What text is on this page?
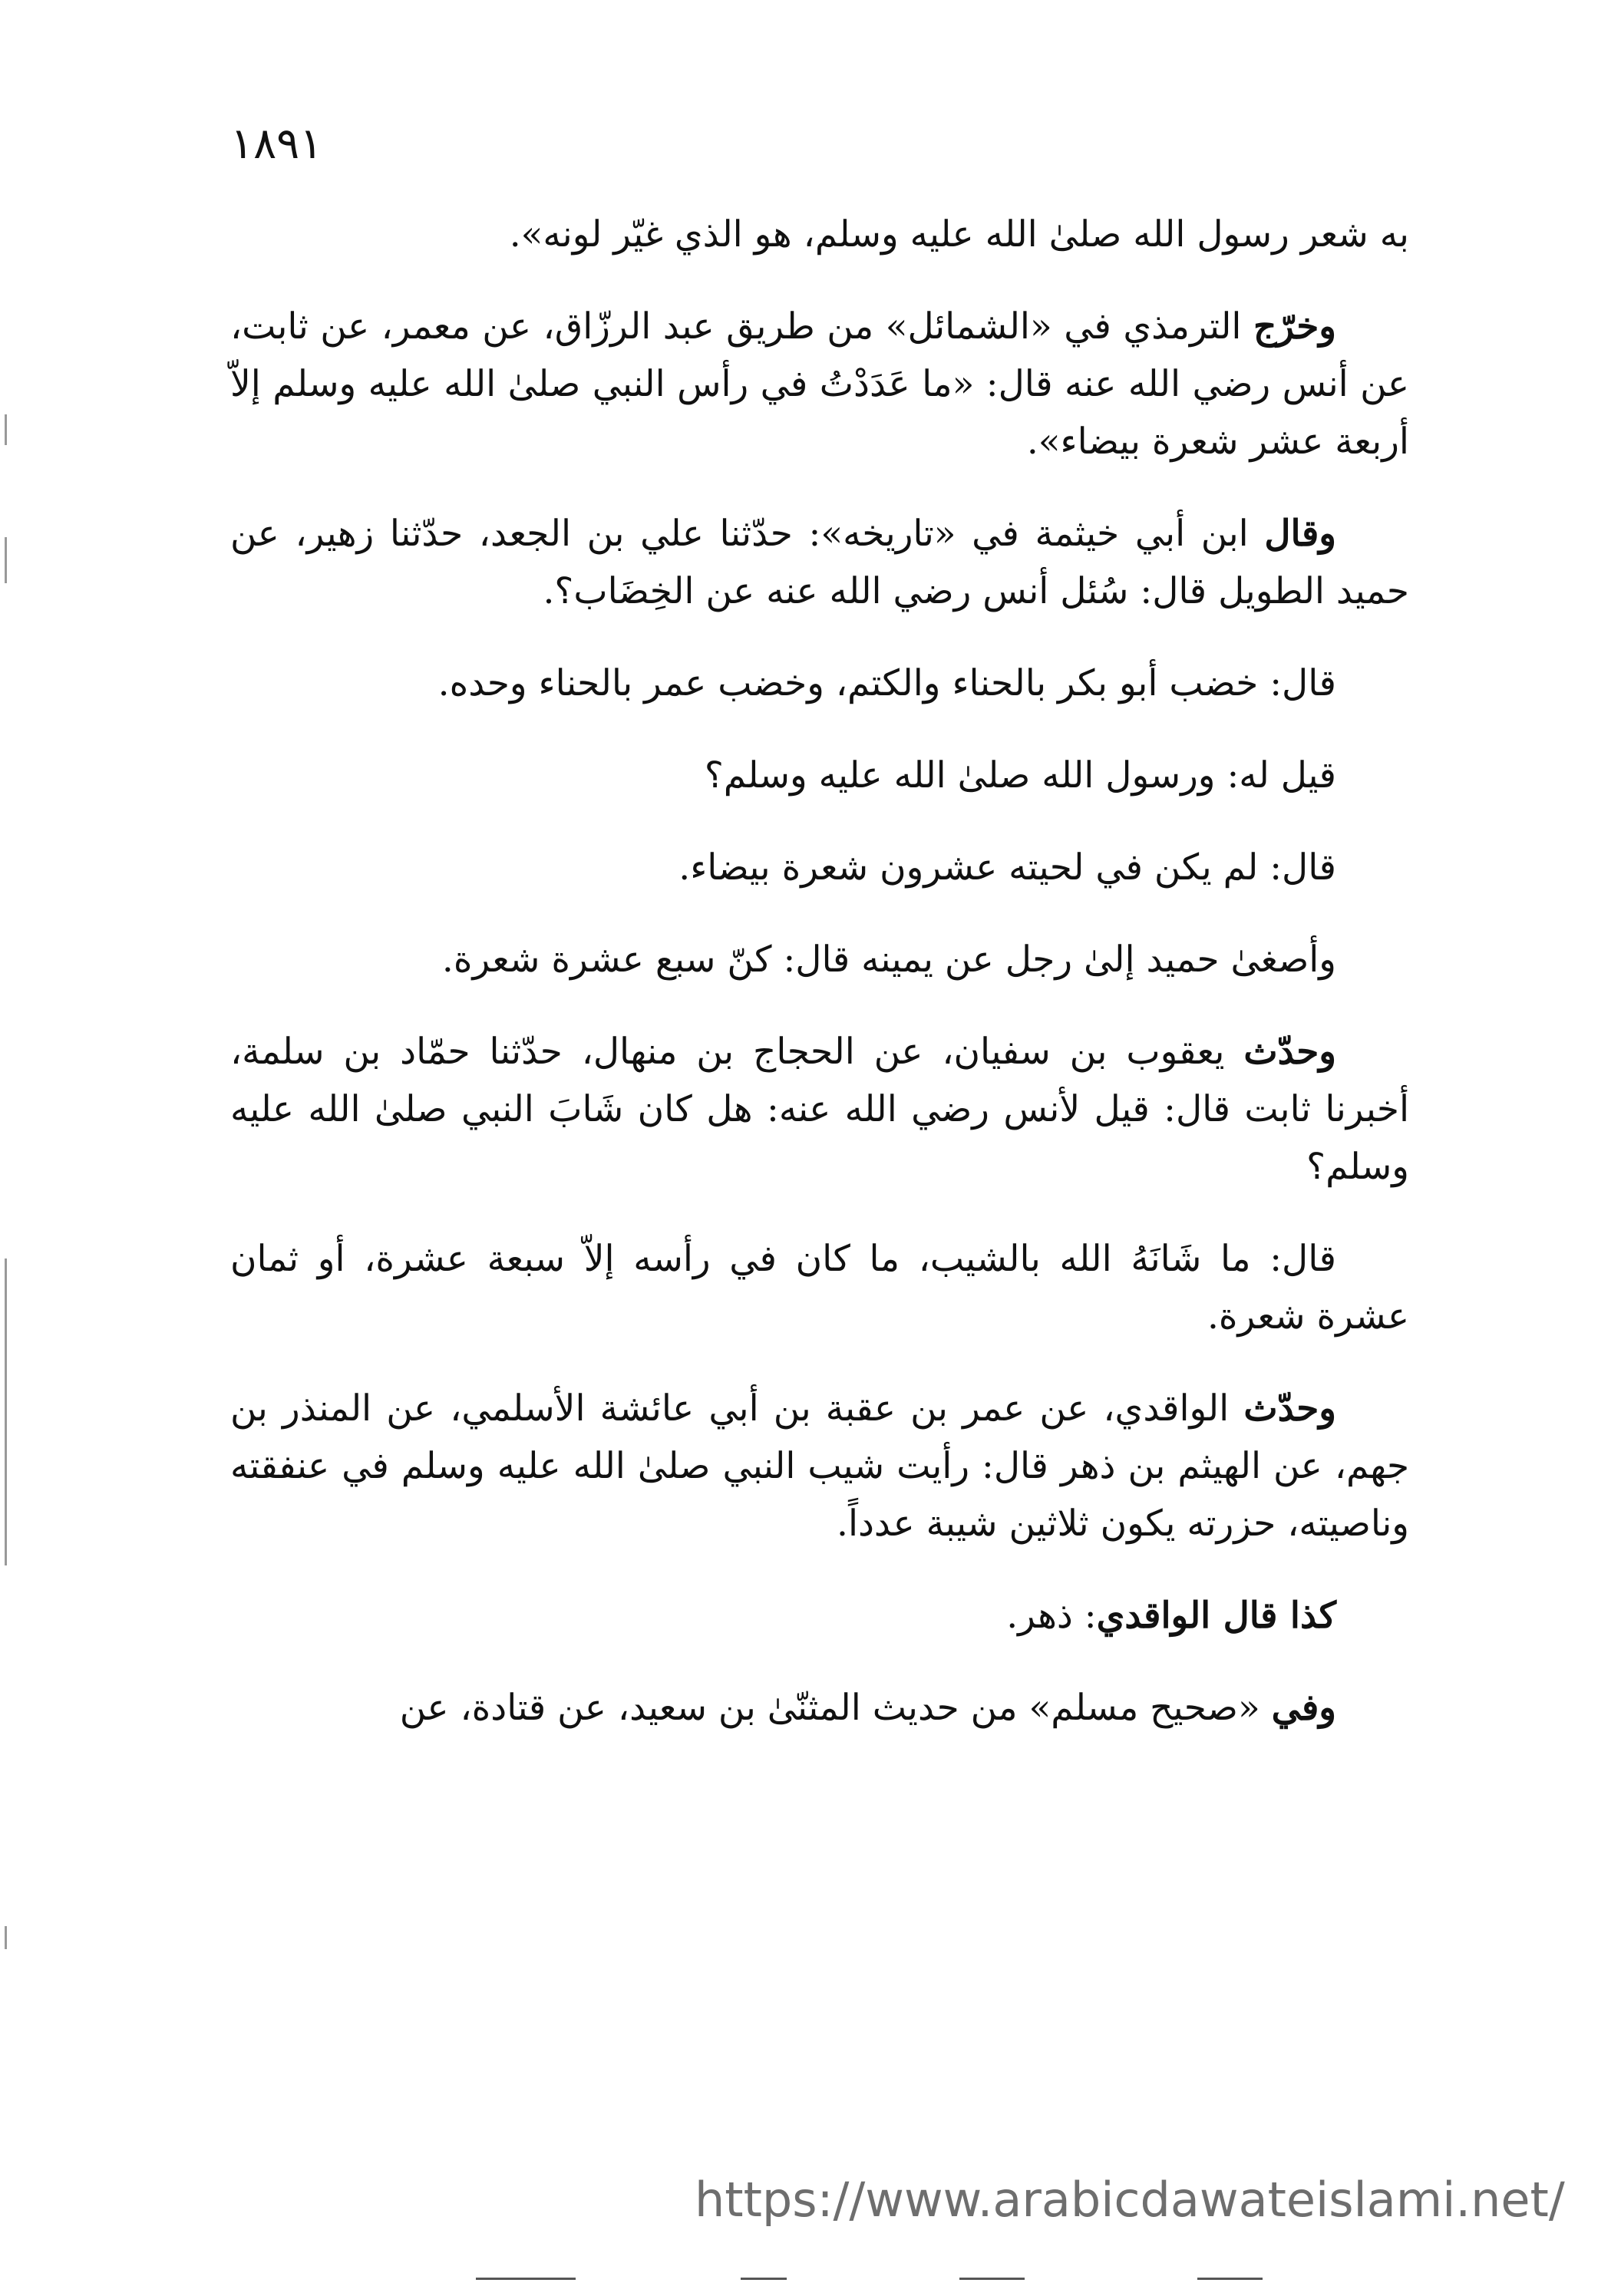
١٨٩١

به شعر رسول الله صلىٰ الله عليه وسلم، هو الذي غيّر لونه».

وخرّج الترمذي في «الشمائل» من طريق عبد الرزّاق، عن معمر، عن ثابت، عن أنس رضي الله عنه قال: «ما عَدَدْتُ في رأس النبي صلىٰ الله عليه وسلم إلاّ أربعة عشر شعرة بيضاء».

وقال ابن أبي خيثمة في «تاريخه»: حدّثنا علي بن الجعد، حدّثنا زهير، عن حميد الطويل قال: سُئل أنس رضي الله عنه عن الخِضَاب؟.

قال: خضب أبو بكر بالحناء والكتم، وخضب عمر بالحناء وحده.

قيل له: ورسول الله صلىٰ الله عليه وسلم؟

قال: لم يكن في لحيته عشرون شعرة بيضاء.

وأصغىٰ حميد إلىٰ رجل عن يمينه قال: كنّ سبع عشرة شعرة.

وحدّث يعقوب بن سفيان، عن الحجاج بن منهال، حدّثنا حمّاد بن سلمة، أخبرنا ثابت قال: قيل لأنس رضي الله عنه: هل كان شَابَ النبي صلىٰ الله عليه وسلم؟

قال: ما شَانَهُ الله بالشيب، ما كان في رأسه إلاّ سبعة عشرة، أو ثمان عشرة شعرة.

وحدّث الواقدي، عن عمر بن عقبة بن أبي عائشة الأسلمي، عن المنذر بن جهم، عن الهيثم بن ذهر قال: رأيت شيب النبي صلىٰ الله عليه وسلم في عنفقته وناصيته، حزرته يكون ثلاثين شيبة عدداً.

كذا قال الواقدي: ذهر.

وفي «صحيح مسلم» من حديث المثنّىٰ بن سعيد، عن قتادة، عن

https://www.arabicdawateislami.net/
